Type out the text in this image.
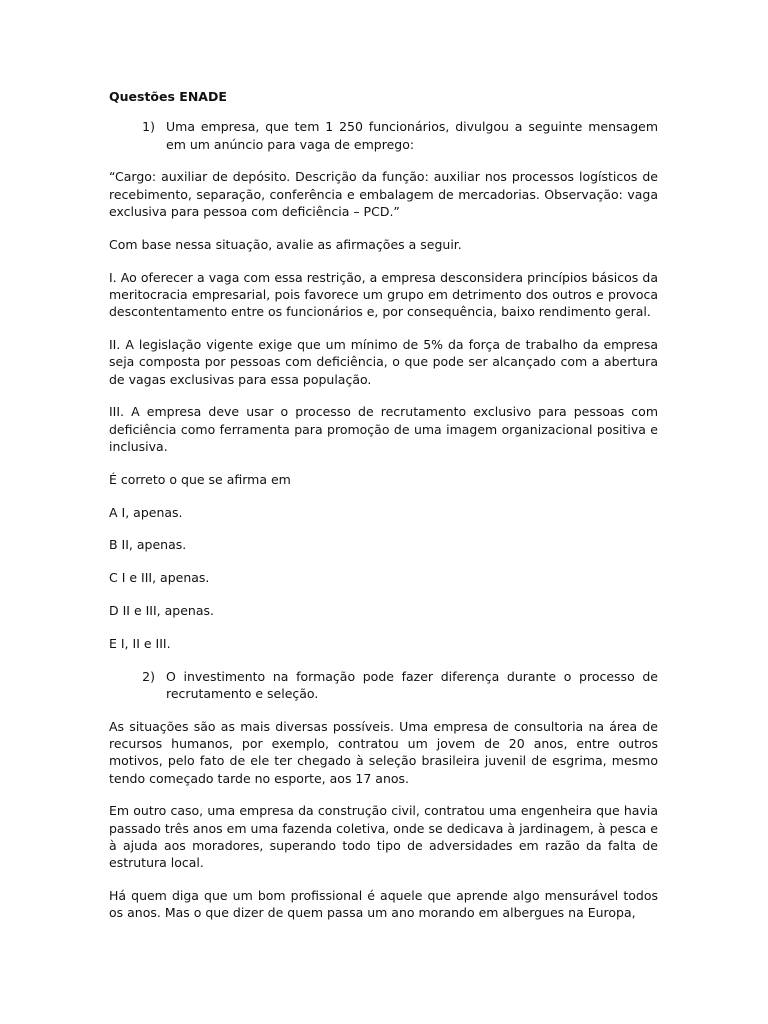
Questões ENADE

1) Uma empresa, que tem 1 250 funcionários, divulgou a seguinte mensagem em um anúncio para vaga de emprego:

“Cargo: auxiliar de depósito. Descrição da função: auxiliar nos processos logísticos de recebimento, separação, conferência e embalagem de mercadorias. Observação: vaga exclusiva para pessoa com deficiência – PCD.”

Com base nessa situação, avalie as afirmações a seguir.

I. Ao oferecer a vaga com essa restrição, a empresa desconsidera princípios básicos da meritocracia empresarial, pois favorece um grupo em detrimento dos outros e provoca descontentamento entre os funcionários e, por consequência, baixo rendimento geral.

II. A legislação vigente exige que um mínimo de 5% da força de trabalho da empresa seja composta por pessoas com deficiência, o que pode ser alcançado com a abertura de vagas exclusivas para essa população.

III. A empresa deve usar o processo de recrutamento exclusivo para pessoas com deficiência como ferramenta para promoção de uma imagem organizacional positiva e inclusiva.

É correto o que se afirma em

A I, apenas.

B II, apenas.

C I e III, apenas.

D II e III, apenas.

E I, II e III.

2) O investimento na formação pode fazer diferença durante o processo de recrutamento e seleção.

As situações são as mais diversas possíveis. Uma empresa de consultoria na área de recursos humanos, por exemplo, contratou um jovem de 20 anos, entre outros motivos, pelo fato de ele ter chegado à seleção brasileira juvenil de esgrima, mesmo tendo começado tarde no esporte, aos 17 anos.

Em outro caso, uma empresa da construção civil, contratou uma engenheira que havia passado três anos em uma fazenda coletiva, onde se dedicava à jardinagem, à pesca e à ajuda aos moradores, superando todo tipo de adversidades em razão da falta de estrutura local.

Há quem diga que um bom profissional é aquele que aprende algo mensurável todos os anos. Mas o que dizer de quem passa um ano morando em albergues na Europa,
